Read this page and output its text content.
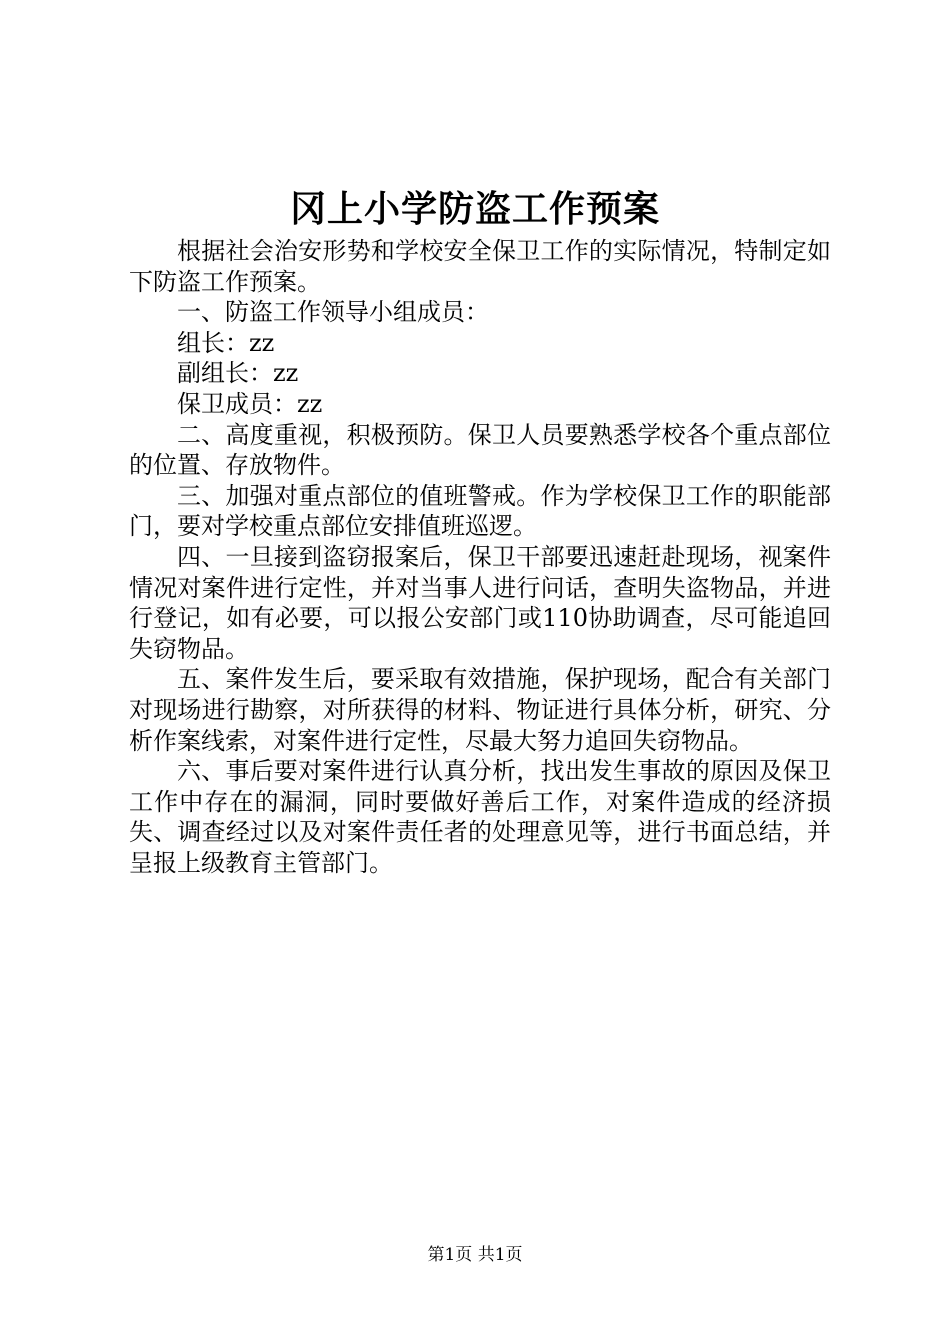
冈上小学防盗工作预案

根据社会治安形势和学校安全保卫工作的实际情况，特制定如下防盗工作预案。

一、防盗工作领导小组成员：

组长：zz

副组长：zz

保卫成员：zz

二、高度重视，积极预防。保卫人员要熟悉学校各个重点部位的位置、存放物件。

三、加强对重点部位的值班警戒。作为学校保卫工作的职能部门，要对学校重点部位安排值班巡逻。

四、一旦接到盗窃报案后，保卫干部要迅速赶赴现场，视案件情况对案件进行定性，并对当事人进行问话，查明失盗物品，并进行登记，如有必要，可以报公安部门或110协助调查，尽可能追回失窃物品。

五、案件发生后，要采取有效措施，保护现场，配合有关部门对现场进行勘察，对所获得的材料、物证进行具体分析，研究、分析作案线索，对案件进行定性，尽最大努力追回失窃物品。

六、事后要对案件进行认真分析，找出发生事故的原因及保卫工作中存在的漏洞，同时要做好善后工作，对案件造成的经济损失、调查经过以及对案件责任者的处理意见等，进行书面总结，并呈报上级教育主管部门。

第1页 共1页
